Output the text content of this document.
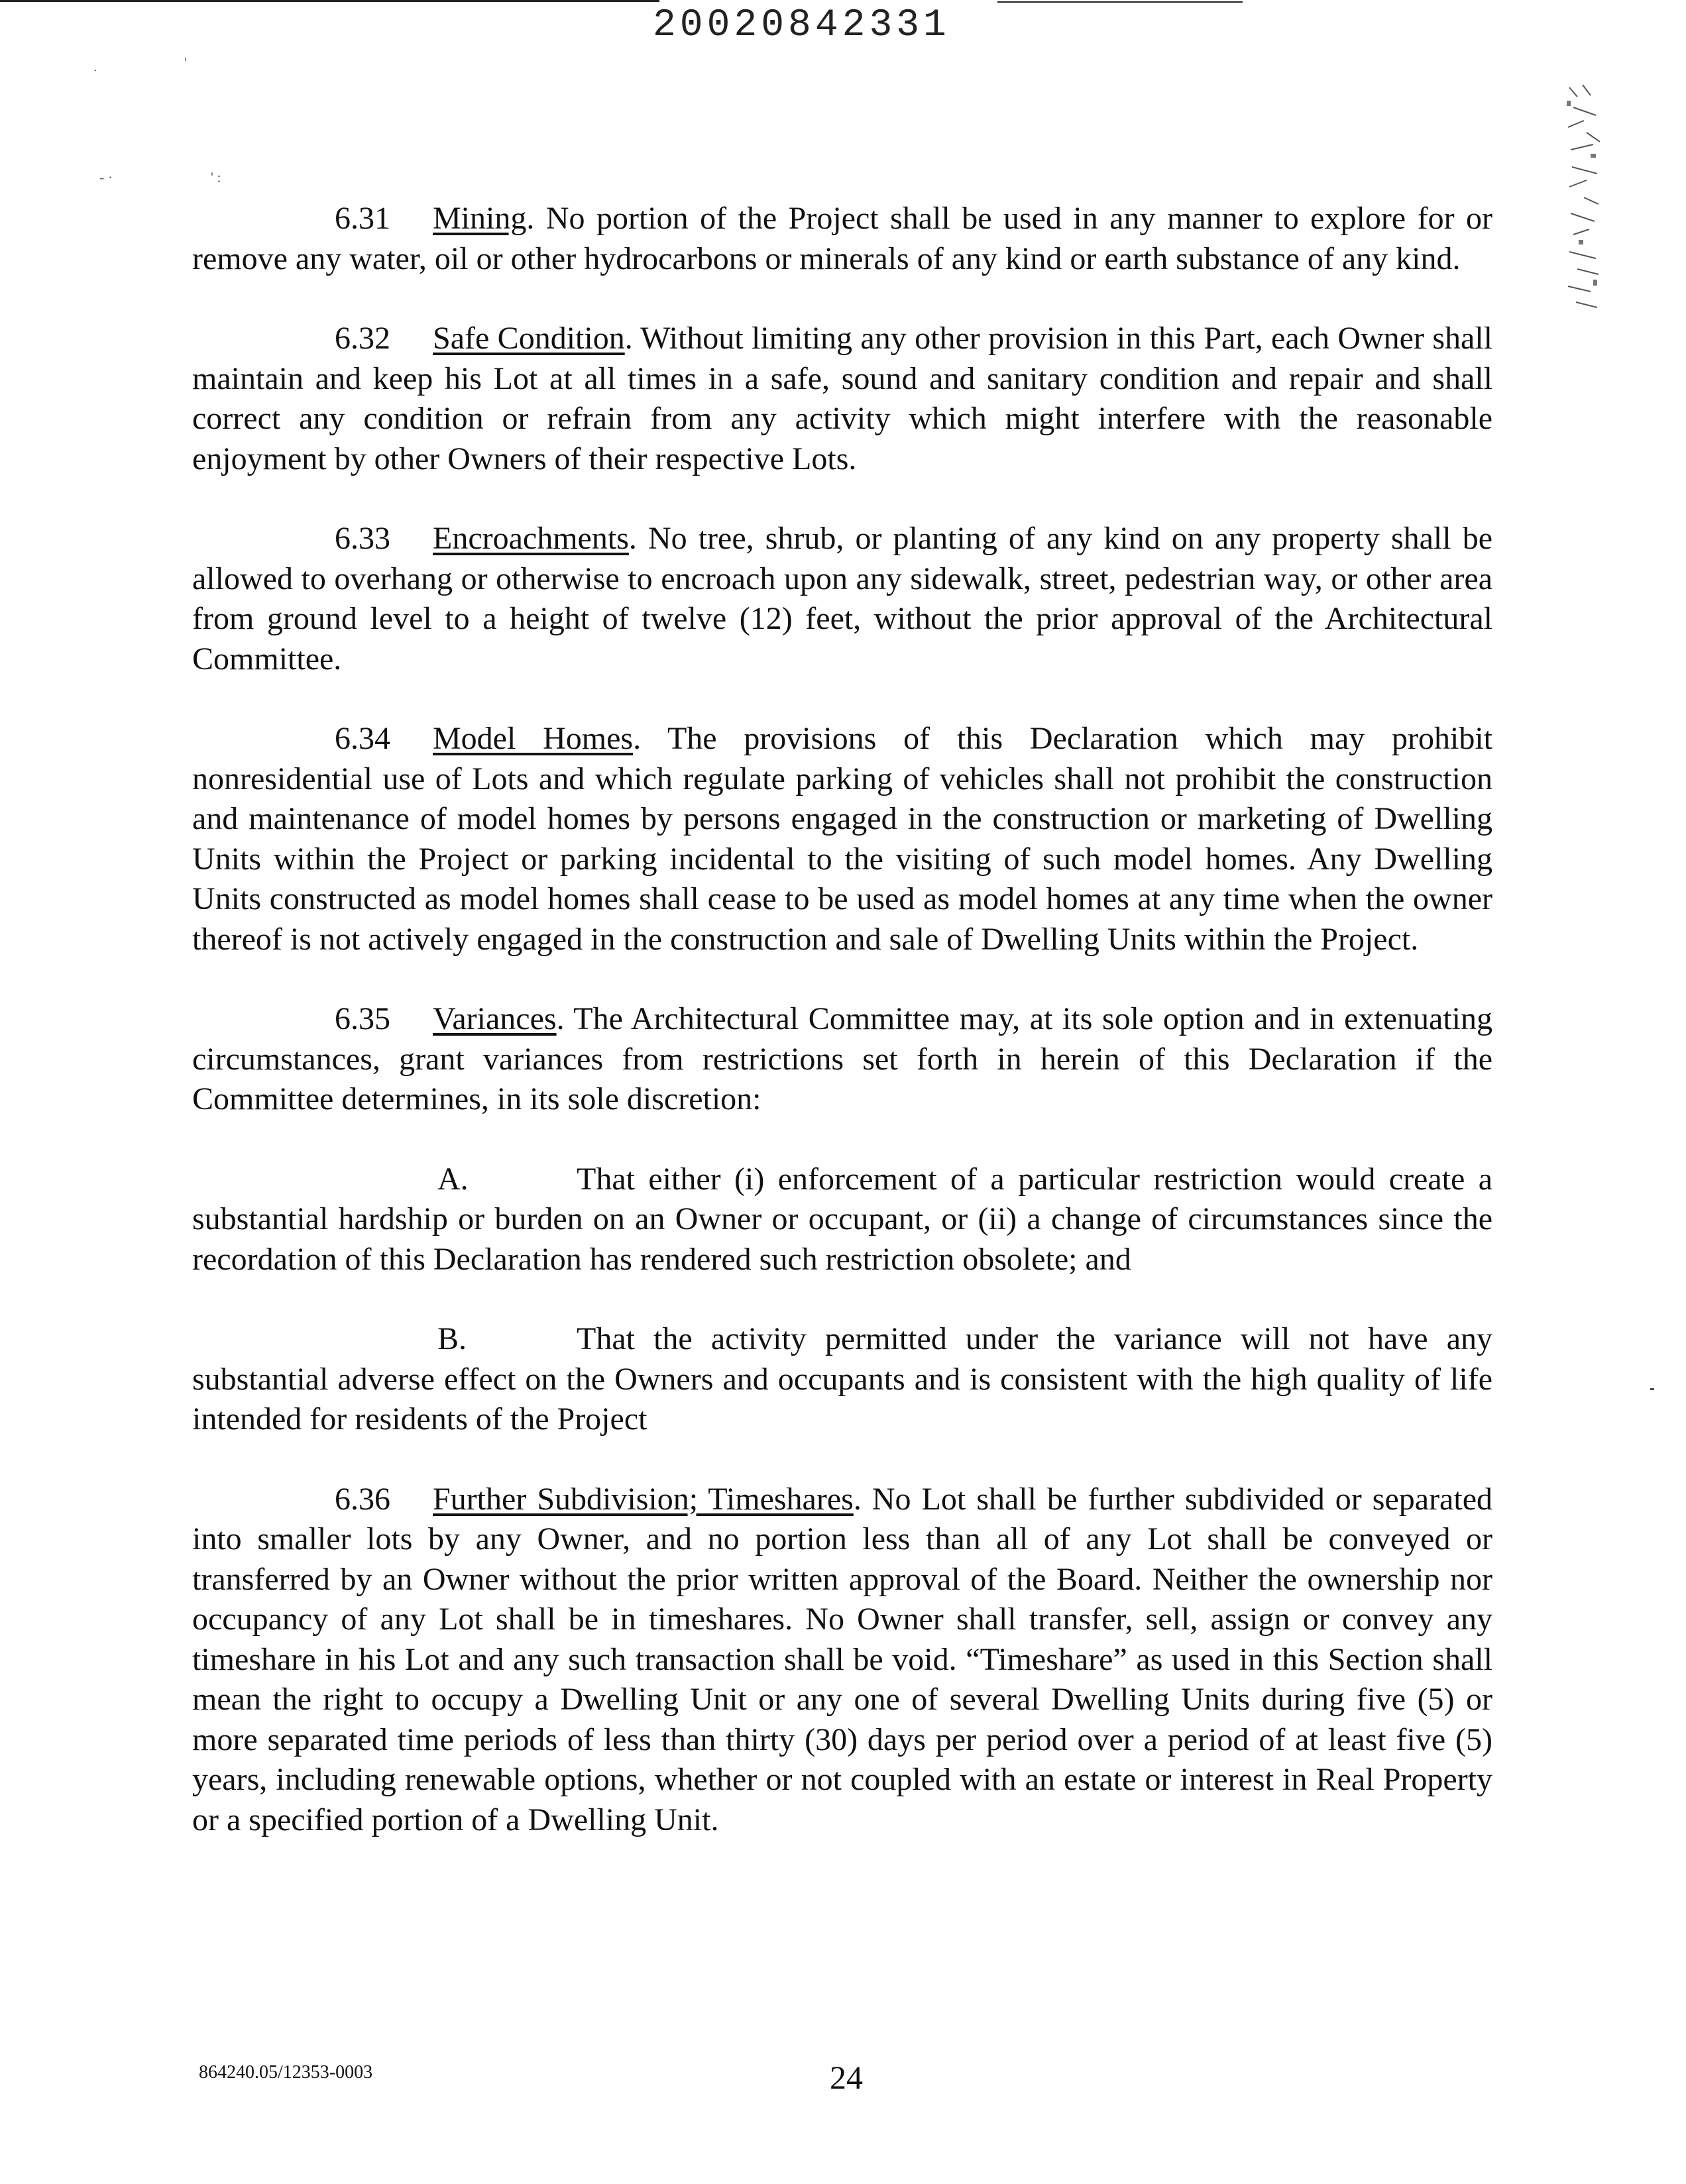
20020842331
˙
'
- ·	' :

6.31 Mining. No portion of the Project shall be used in any manner to explore for or remove any water, oil or other hydrocarbons or minerals of any kind or earth substance of any kind.

6.32 Safe Condition. Without limiting any other provision in this Part, each Owner shall maintain and keep his Lot at all times in a safe, sound and sanitary condition and repair and shall correct any condition or refrain from any activity which might interfere with the reasonable enjoyment by other Owners of their respective Lots.

6.33 Encroachments. No tree, shrub, or planting of any kind on any property shall be allowed to overhang or otherwise to encroach upon any sidewalk, street, pedestrian way, or other area from ground level to a height of twelve (12) feet, without the prior approval of the Architectural Committee.

6.34 Model Homes. The provisions of this Declaration which may prohibit nonresidential use of Lots and which regulate parking of vehicles shall not prohibit the construction and maintenance of model homes by persons engaged in the construction or marketing of Dwelling Units within the Project or parking incidental to the visiting of such model homes. Any Dwelling Units constructed as model homes shall cease to be used as model homes at any time when the owner thereof is not actively engaged in the construction and sale of Dwelling Units within the Project.

6.35 Variances. The Architectural Committee may, at its sole option and in extenuating circumstances, grant variances from restrictions set forth in herein of this Declaration if the Committee determines, in its sole discretion:

A.	That either (i) enforcement of a particular restriction would create a substantial hardship or burden on an Owner or occupant, or (ii) a change of circumstances since the recordation of this Declaration has rendered such restriction obsolete; and

B.	That the activity permitted under the variance will not have any substantial adverse effect on the Owners and occupants and is consistent with the high quality of life intended for residents of the Project

6.36 Further Subdivision; Timeshares. No Lot shall be further subdivided or separated into smaller lots by any Owner, and no portion less than all of any Lot shall be conveyed or transferred by an Owner without the prior written approval of the Board. Neither the ownership nor occupancy of any Lot shall be in timeshares. No Owner shall transfer, sell, assign or convey any timeshare in his Lot and any such transaction shall be void. “Timeshare” as used in this Section shall mean the right to occupy a Dwelling Unit or any one of several Dwelling Units during five (5) or more separated time periods of less than thirty (30) days per period over a period of at least five (5) years, including renewable options, whether or not coupled with an estate or interest in Real Property or a specified portion of a Dwelling Unit.

864240.05/12353-0003	24
